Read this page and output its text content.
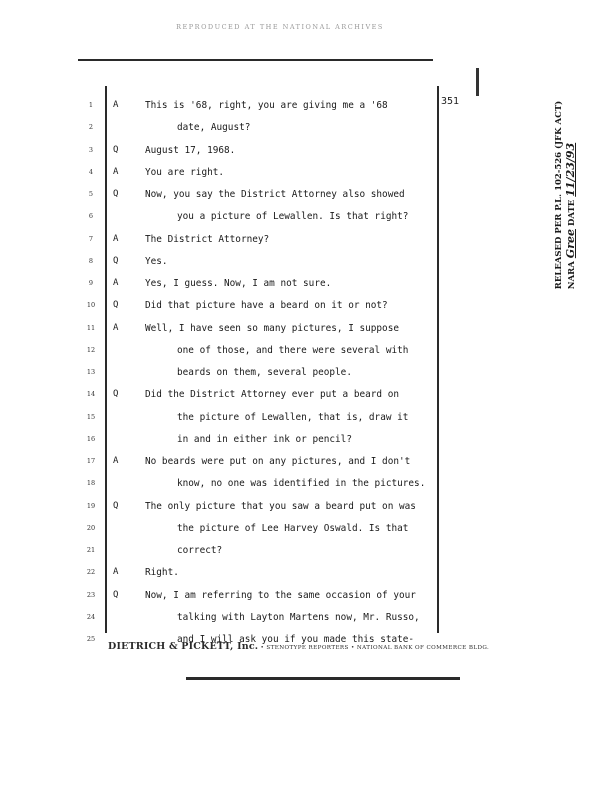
REPRODUCED AT THE NATIONAL ARCHIVES
351
1	A	This is '68, right, you are giving me a '68
2	date, August?
3	Q	August 17, 1968.
4	A	You are right.
5	Q	Now, you say the District Attorney also showed
6	you a picture of Lewallen. Is that right?
7	A	The District Attorney?
8	Q	Yes.
9	A	Yes, I guess. Now, I am not sure.
10	Q	Did that picture have a beard on it or not?
11	A	Well, I have seen so many pictures, I suppose
12	one of those, and there were several with
13	beards on them, several people.
14	Q	Did the District Attorney ever put a beard on
15	the picture of Lewallen, that is, draw it
16	in and in either ink or pencil?
17	A	No beards were put on any pictures, and I don't
18	know, no one was identified in the pictures.
19	Q	The only picture that you saw a beard put on was
20	the picture of Lee Harvey Oswald. Is that
21	correct?
22	A	Right.
23	Q	Now, I am referring to the same occasion of your
24	talking with Layton Martens now, Mr. Russo,
25	and I will ask you if you made this state-
DIETRICH & PICKETT, Inc. • STENOTYPE REPORTERS • NATIONAL BANK OF COMMERCE BLDG.
RELEASED PER P.L. 102-526 (JFK ACT) NARA Gree DATE 11/23/93
